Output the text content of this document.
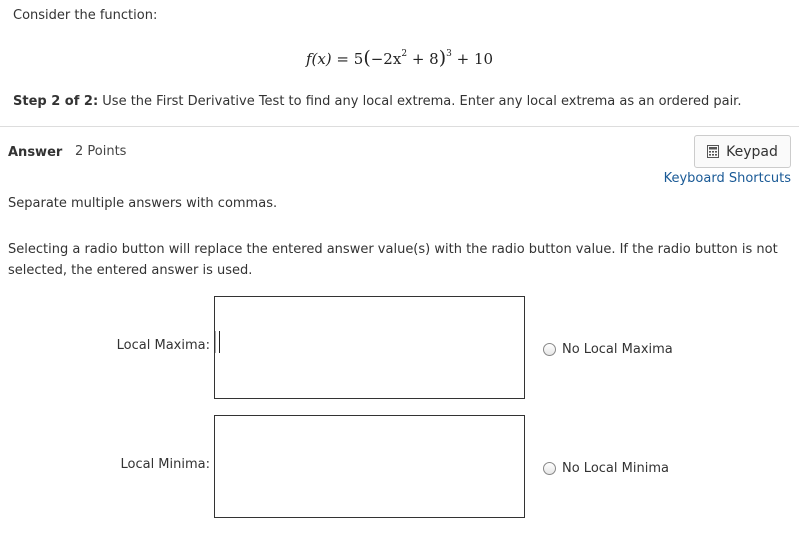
Consider the function:
$f(x) = 5(-2x^2 + 8)^3 + 10$
Step 2 of 2: Use the First Derivative Test to find any local extrema. Enter any local extrema as an ordered pair.
Answer 2 Points	Keypad
Keyboard Shortcuts
Separate multiple answers with commas.
Selecting a radio button will replace the entered answer value(s) with the radio button value. If the radio button is not selected, the entered answer is used.
Local Maxima:	No Local Maxima
Local Minima:	No Local Minima
